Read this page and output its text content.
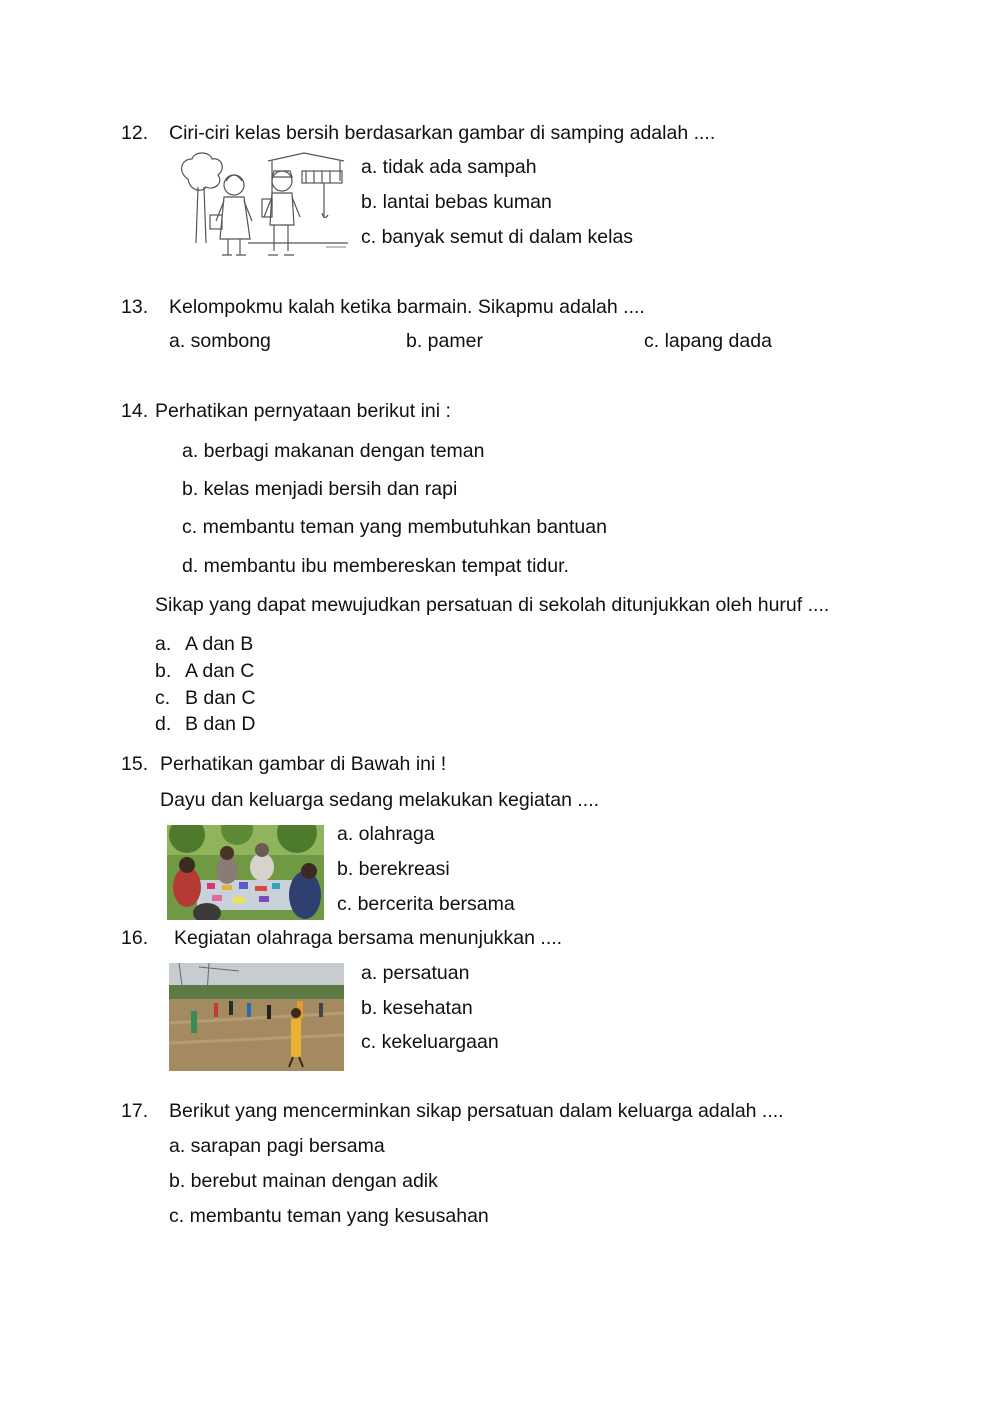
12. Ciri-ciri kelas bersih berdasarkan gambar di samping adalah ....
a. tidak ada sampah
b. lantai bebas kuman
c. banyak semut di dalam kelas
13. Kelompokmu kalah ketika barmain. Sikapmu adalah ....
a. sombong	b. pamer	c. lapang dada
14. Perhatikan pernyataan berikut ini :
a. berbagi makanan dengan teman
b. kelas menjadi bersih dan rapi
c. membantu teman yang membutuhkan bantuan
d. membantu ibu membereskan tempat tidur.
Sikap yang dapat mewujudkan persatuan di sekolah ditunjukkan oleh huruf ....
a. A dan B
b. A dan C
c. B dan C
d. B dan D
15. Perhatikan gambar di Bawah ini !
Dayu dan keluarga sedang melakukan kegiatan ....
a. olahraga
b. berekreasi
c. bercerita bersama
16. Kegiatan olahraga bersama menunjukkan ....
a. persatuan
b. kesehatan
c. kekeluargaan
17. Berikut yang mencerminkan sikap persatuan dalam keluarga adalah ....
a. sarapan pagi bersama
b. berebut mainan dengan adik
c. membantu teman yang kesusahan
